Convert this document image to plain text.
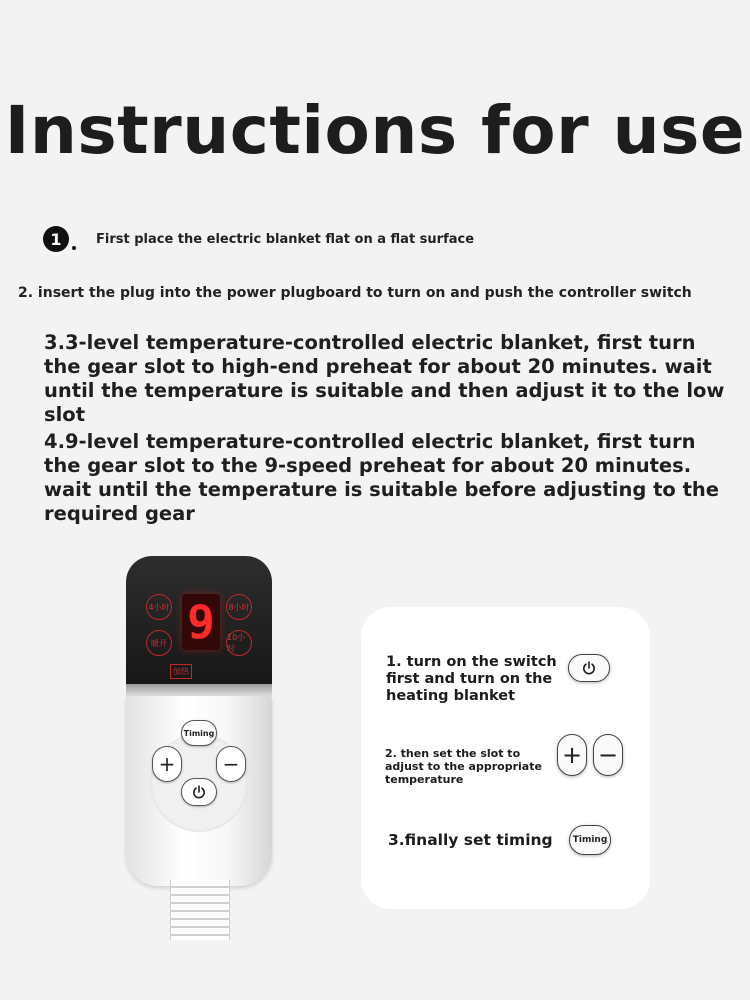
Instructions for use
1	First place the electric blanket flat on a flat surface
2. insert the plug into the power plugboard to turn on and push the controller switch
3.3-level temperature-controlled electric blanket, first turn the gear slot to high-end preheat for about 20 minutes. wait until the temperature is suitable and then adjust it to the low slot
4.9-level temperature-controlled electric blanket, first turn the gear slot to the 9-speed preheat for about 20 minutes. wait until the temperature is suitable before adjusting to the required gear
4小时	8小时
暖开
10小时
9
加热
Timing
+	−
1. turn on the switch first and turn on the heating blanket
2. then set the slot to adjust to the appropriate temperature
+ −
3.finally set timing	Timing
